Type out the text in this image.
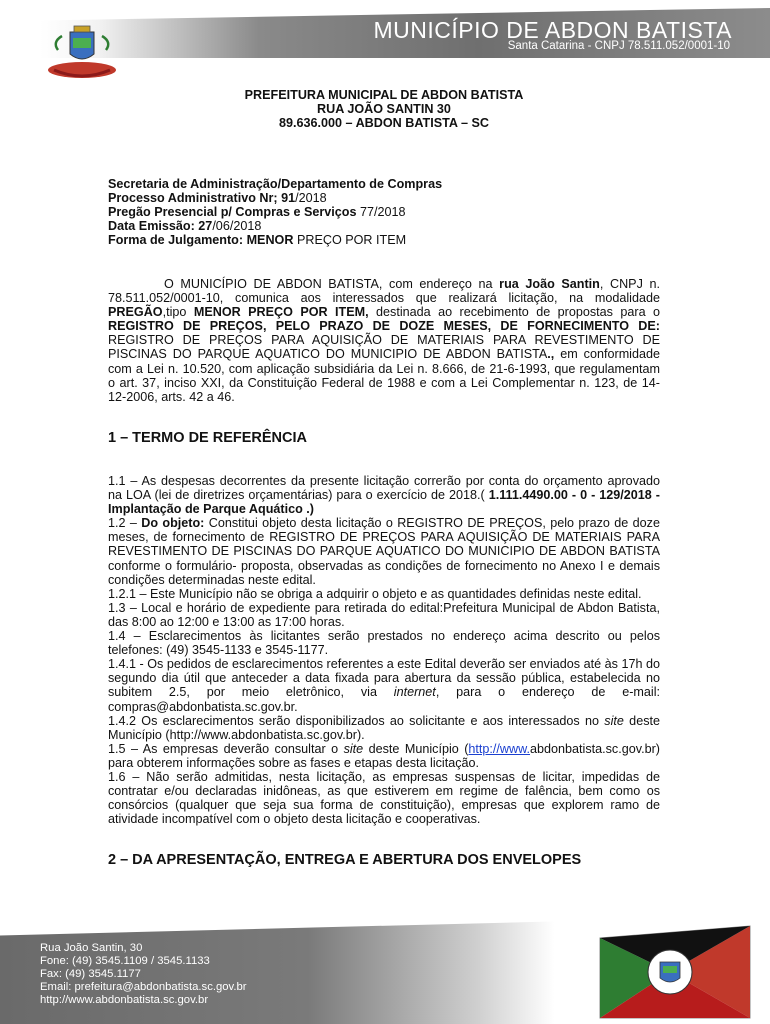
MUNICÍPIO DE ABDON BATISTA
Santa Catarina - CNPJ 78.511.052/0001-10
PREFEITURA MUNICIPAL DE ABDON BATISTA
RUA JOÃO SANTIN 30
89.636.000 – ABDON BATISTA – SC
Secretaria de Administração/Departamento de Compras
Processo Administrativo Nr; 91/2018
Pregão Presencial p/ Compras e Serviços 77/2018
Data Emissão: 27/06/2018
Forma de Julgamento: MENOR PREÇO POR ITEM
O MUNICÍPIO DE ABDON BATISTA, com endereço na rua João Santin, CNPJ n. 78.511.052/0001-10, comunica aos interessados que realizará licitação, na modalidade PREGÃO,tipo MENOR PREÇO POR ITEM, destinada ao recebimento de propostas para o REGISTRO DE PREÇOS, PELO PRAZO DE DOZE MESES, DE FORNECIMENTO DE: REGISTRO DE PREÇOS PARA AQUISIÇÃO DE MATERIAIS PARA REVESTIMENTO DE PISCINAS DO PARQUE AQUATICO DO MUNICIPIO DE ABDON BATISTA., em conformidade com a Lei n. 10.520, com aplicação subsidiária da Lei n. 8.666, de 21-6-1993, que regulamentam o art. 37, inciso XXI, da Constituição Federal de 1988 e com a Lei Complementar n. 123, de 14-12-2006, arts. 42 a 46.
1 – TERMO DE REFERÊNCIA
1.1 – As despesas decorrentes da presente licitação correrão por conta do orçamento aprovado na LOA (lei de diretrizes orçamentárias) para o exercício de 2018.( 1.111.4490.00 - 0 - 129/2018 - Implantação de Parque Aquático .)
1.2 – Do objeto: Constitui objeto desta licitação o REGISTRO DE PREÇOS, pelo prazo de doze meses, de fornecimento de REGISTRO DE PREÇOS PARA AQUISIÇÃO DE MATERIAIS PARA REVESTIMENTO DE PISCINAS DO PARQUE AQUATICO DO MUNICIPIO DE ABDON BATISTA conforme o formulário- proposta, observadas as condições de fornecimento no Anexo I e demais condições determinadas neste edital.
1.2.1 – Este Município não se obriga a adquirir o objeto e as quantidades definidas neste edital.
1.3 – Local e horário de expediente para retirada do edital:Prefeitura Municipal de Abdon Batista, das 8:00 ao 12:00 e 13:00 as 17:00 horas.
1.4 – Esclarecimentos às licitantes serão prestados no endereço acima descrito ou pelos telefones: (49) 3545-1133 e 3545-1177.
1.4.1 - Os pedidos de esclarecimentos referentes a este Edital deverão ser enviados até às 17h do segundo dia útil que anteceder a data fixada para abertura da sessão pública, estabelecida no subitem 2.5, por meio eletrônico, via internet, para o endereço de e-mail: compras@abdonbatista.sc.gov.br.
1.4.2 Os esclarecimentos serão disponibilizados ao solicitante e aos interessados no site deste Município (http://www.abdonbatista.sc.gov.br).
1.5 – As empresas deverão consultar o site deste Município (http://www.abdonbatista.sc.gov.br) para obterem informações sobre as fases e etapas desta licitação.
1.6 – Não serão admitidas, nesta licitação, as empresas suspensas de licitar, impedidas de contratar e/ou declaradas inidôneas, as que estiverem em regime de falência, bem como os consórcios (qualquer que seja sua forma de constituição), empresas que explorem ramo de atividade incompatível com o objeto desta licitação e cooperativas.
2 – DA APRESENTAÇÃO, ENTREGA E ABERTURA DOS ENVELOPES
Rua João Santin, 30
Fone: (49) 3545.1109 / 3545.1133
Fax: (49) 3545.1177
Email: prefeitura@abdonbatista.sc.gov.br
http://www.abdonbatista.sc.gov.br
